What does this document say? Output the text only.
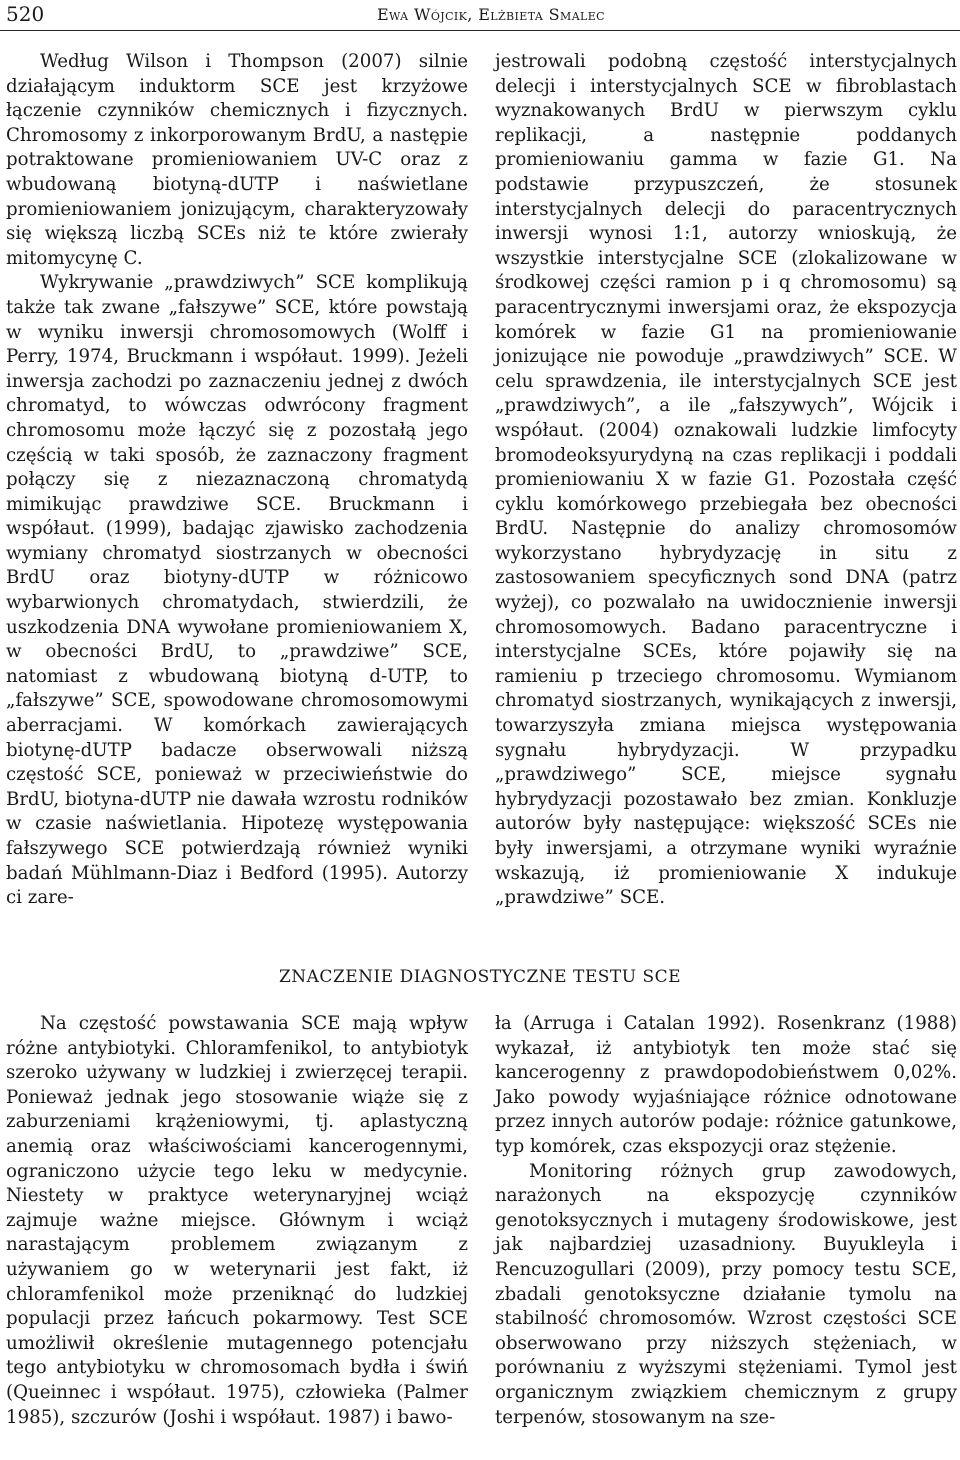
520	Ewa Wójcik, Elżbieta Smalec

Według Wilson i Thompson (2007) silnie działającym induktorm SCE jest krzyżowe łączenie czynników chemicznych i fizycznych. Chromosomy z inkorporowanym BrdU, a następie potraktowane promieniowaniem UV-C oraz z wbudowaną biotyną-dUTP i naświetlane promieniowaniem jonizującym, charakteryzowały się większą liczbą SCEs niż te które zwierały mitomycynę C.

Wykrywanie „prawdziwych” SCE komplikują także tak zwane „fałszywe” SCE, które powstają w wyniku inwersji chromosomowych (Wolff i Perry, 1974, Bruckmann i współaut. 1999). Jeżeli inwersja zachodzi po zaznaczeniu jednej z dwóch chromatyd, to wówczas odwrócony fragment chromosomu może łączyć się z pozostałą jego częścią w taki sposób, że zaznaczony fragment połączy się z niezaznaczoną chromatydą mimikując prawdziwe SCE. Bruckmann i współaut. (1999), badając zjawisko zachodzenia wymiany chromatyd siostrzanych w obecności BrdU oraz biotyny-dUTP w różnicowo wybarwionych chromatydach, stwierdzili, że uszkodzenia DNA wywołane promieniowaniem X, w obecności BrdU, to „prawdziwe” SCE, natomiast z wbudowaną biotyną d-UTP, to „fałszywe” SCE, spowodowane chromosomowymi aberracjami. W komórkach zawierających biotynę-dUTP badacze obserwowali niższą częstość SCE, ponieważ w przeciwieństwie do BrdU, biotyna-dUTP nie dawała wzrostu rodników w czasie naświetlania. Hipotezę występowania fałszywego SCE potwierdzają również wyniki badań Mühlmann-Diaz i Bedford (1995). Autorzy ci zare-

jestrowali podobną częstość interstycjalnych delecji i interstycjalnych SCE w fibroblastach wyznakowanych BrdU w pierwszym cyklu replikacji, a następnie poddanych promieniowaniu gamma w fazie G1. Na podstawie przypuszczeń, że stosunek interstycjalnych delecji do paracentrycznych inwersji wynosi 1:1, autorzy wnioskują, że wszystkie interstycjalne SCE (zlokalizowane w środkowej części ramion p i q chromosomu) są paracentrycznymi inwersjami oraz, że ekspozycja komórek w fazie G1 na promieniowanie jonizujące nie powoduje „prawdziwych” SCE. W celu sprawdzenia, ile interstycjalnych SCE jest „prawdziwych”, a ile „fałszywych”, Wójcik i współaut. (2004) oznakowali ludzkie limfocyty bromodeoksyurydyną na czas replikacji i poddali promieniowaniu X w fazie G1. Pozostała część cyklu komórkowego przebiegała bez obecności BrdU. Następnie do analizy chromosomów wykorzystano hybrydyzację in situ z zastosowaniem specyficznych sond DNA (patrz wyżej), co pozwalało na uwidocznienie inwersji chromosomowych. Badano paracentryczne i interstycjalne SCEs, które pojawiły się na ramieniu p trzeciego chromosomu. Wymianom chromatyd siostrzanych, wynikających z inwersji, towarzyszyła zmiana miejsca występowania sygnału hybrydyzacji. W przypadku „prawdziwego” SCE, miejsce sygnału hybrydyzacji pozostawało bez zmian. Konkluzje autorów były następujące: większość SCEs nie były inwersjami, a otrzymane wyniki wyraźnie wskazują, iż promieniowanie X indukuje „prawdziwe” SCE.

ZNACZENIE DIAGNOSTYCZNE TESTU SCE

Na częstość powstawania SCE mają wpływ różne antybiotyki. Chloramfenikol, to antybiotyk szeroko używany w ludzkiej i zwierzęcej terapii. Ponieważ jednak jego stosowanie wiąże się z zaburzeniami krążeniowymi, tj. aplastyczną anemią oraz właściwościami kancerogennymi, ograniczono użycie tego leku w medycynie. Niestety w praktyce weterynaryjnej wciąż zajmuje ważne miejsce. Głównym i wciąż narastającym problemem związanym z używaniem go w weterynarii jest fakt, iż chloramfenikol może przeniknąć do ludzkiej populacji przez łańcuch pokarmowy. Test SCE umożliwił określenie mutagennego potencjału tego antybiotyku w chromosomach bydła i świń (Queinnec i współaut. 1975), człowieka (Palmer 1985), szczurów (Joshi i współaut. 1987) i bawo-

ła (Arruga i Catalan 1992). Rosenkranz (1988) wykazał, iż antybiotyk ten może stać się kancerogenny z prawdopodobieństwem 0,02%. Jako powody wyjaśniające różnice odnotowane przez innych autorów podaje: różnice gatunkowe, typ komórek, czas ekspozycji oraz stężenie.

Monitoring różnych grup zawodowych, narażonych na ekspozycję czynników genotoksycznych i mutageny środowiskowe, jest jak najbardziej uzasadniony. Buyukleyla i Rencuzogullari (2009), przy pomocy testu SCE, zbadali genotoksyczne działanie tymolu na stabilność chromosomów. Wzrost częstości SCE obserwowano przy niższych stężeniach, w porównaniu z wyższymi stężeniami. Tymol jest organicznym związkiem chemicznym z grupy terpenów, stosowanym na sze-
